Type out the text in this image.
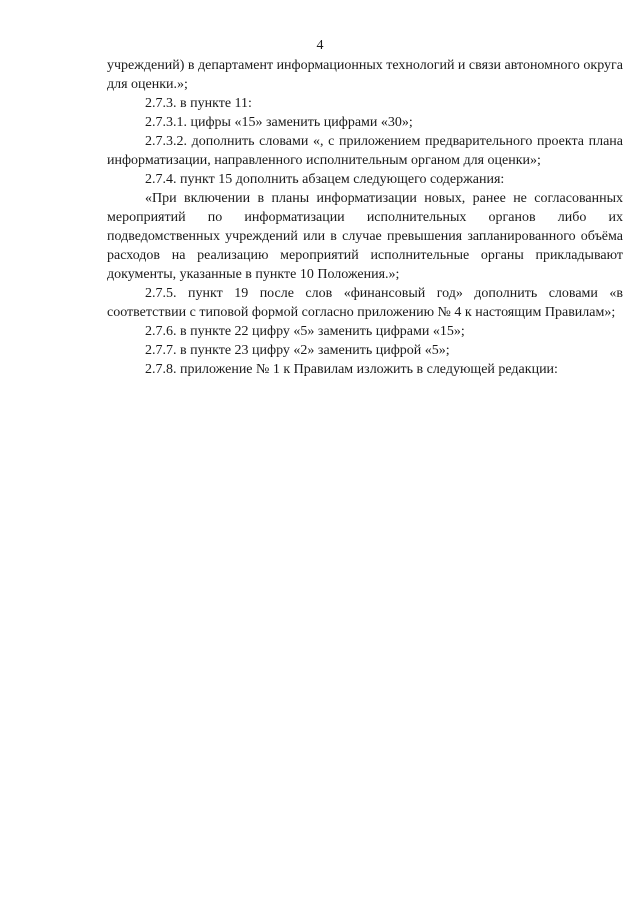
4

учреждений) в департамент информационных технологий и связи автономного округа для оценки.»;

2.7.3. в пункте 11:

2.7.3.1. цифры «15» заменить цифрами «30»;

2.7.3.2. дополнить словами «, с приложением предварительного проекта плана информатизации, направленного исполнительным органом для оценки»;

2.7.4. пункт 15 дополнить абзацем следующего содержания:

«При включении в планы информатизации новых, ранее не согласованных мероприятий по информатизации исполнительных органов либо их подведомственных учреждений или в случае превышения запланированного объёма расходов на реализацию мероприятий исполнительные органы прикладывают документы, указанные в пункте 10 Положения.»;

2.7.5. пункт 19 после слов «финансовый год» дополнить словами «в соответствии с типовой формой согласно приложению № 4 к настоящим Правилам»;

2.7.6. в пункте 22 цифру «5» заменить цифрами «15»;

2.7.7. в пункте 23 цифру «2» заменить цифрой «5»;

2.7.8. приложение № 1 к Правилам изложить в следующей редакции:
